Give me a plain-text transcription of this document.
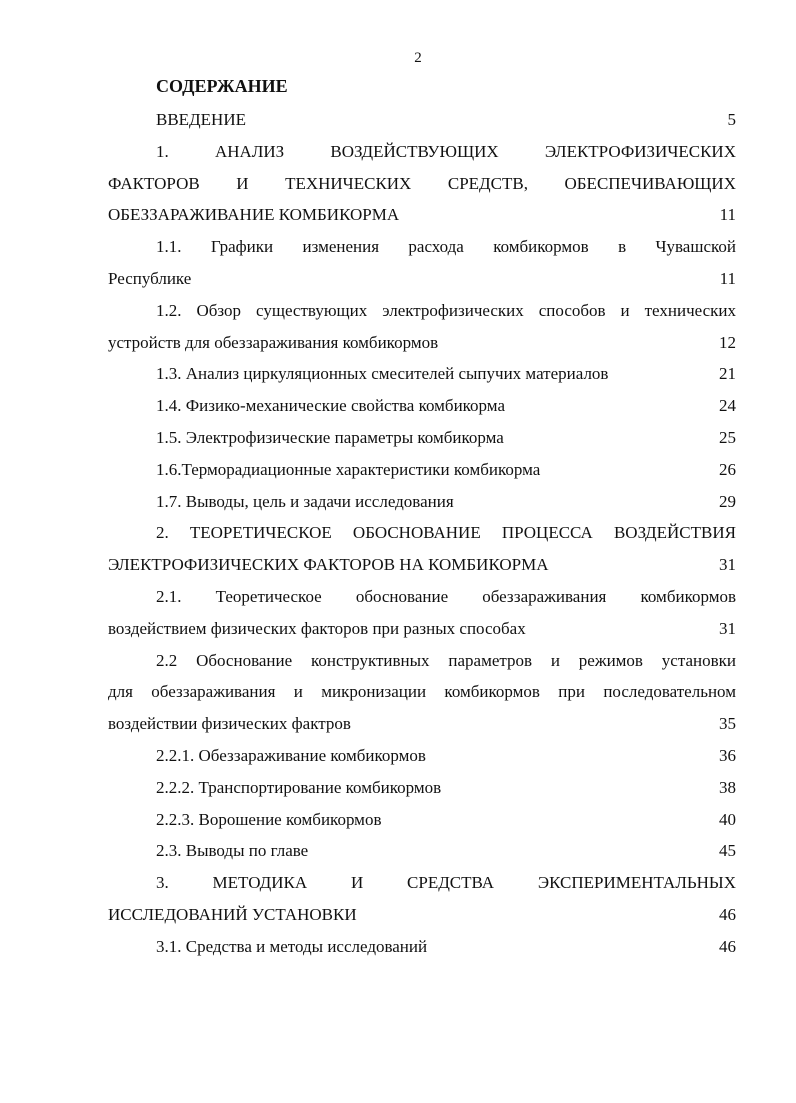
2
СОДЕРЖАНИЕ
ВВЕДЕНИЕ	5
1. АНАЛИЗ ВОЗДЕЙСТВУЮЩИХ ЭЛЕКТРОФИЗИЧЕСКИХ
ФАКТОРОВ И ТЕХНИЧЕСКИХ СРЕДСТВ, ОБЕСПЕЧИВАЮЩИХ
ОБЕЗЗАРАЖИВАНИЕ КОМБИКОРМА	11
1.1. Графики изменения расхода комбикормов в Чувашской
Республике	11
1.2. Обзор существующих электрофизических способов и технических
устройств для обеззараживания комбикормов	12
1.3. Анализ циркуляционных смесителей сыпучих материалов	21
1.4. Физико-механические свойства комбикорма	24
1.5. Электрофизические параметры комбикорма	25
1.6.Терморадиационные характеристики комбикорма	26
1.7. Выводы, цель и задачи исследования	29
2. ТЕОРЕТИЧЕСКОЕ ОБОСНОВАНИЕ ПРОЦЕССА ВОЗДЕЙСТВИЯ
ЭЛЕКТРОФИЗИЧЕСКИХ ФАКТОРОВ НА КОМБИКОРМА	31
2.1. Теоретическое обоснование обеззараживания комбикормов
воздействием физических факторов при разных способах	31
2.2 Обоснование конструктивных параметров и режимов установки
для обеззараживания и микронизации комбикормов при последовательном
воздействии физических фактров	35
2.2.1. Обеззараживание комбикормов	36
2.2.2. Транспортирование комбикормов	38
2.2.3. Ворошение комбикормов	40
2.3. Выводы по главе	45
3. МЕТОДИКА И СРЕДСТВА ЭКСПЕРИМЕНТАЛЬНЫХ
ИССЛЕДОВАНИЙ УСТАНОВКИ	46
3.1. Средства и методы исследований	46
